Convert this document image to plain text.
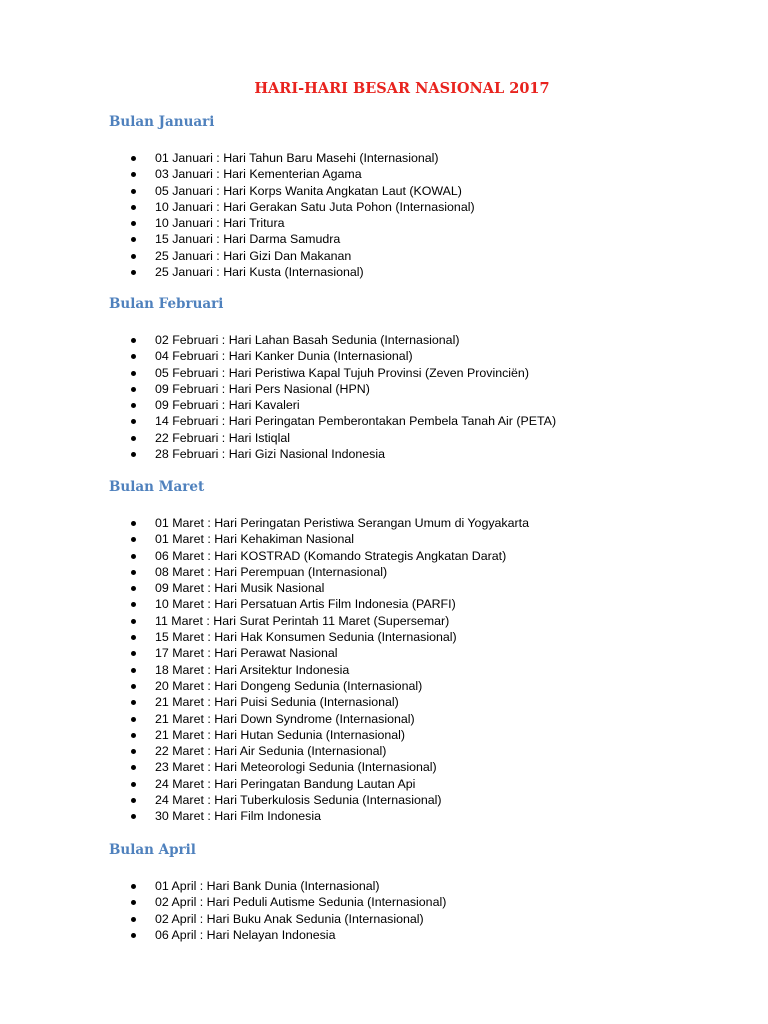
HARI-HARI BESAR NASIONAL 2017
Bulan Januari
01 Januari : Hari Tahun Baru Masehi (Internasional)
03 Januari : Hari Kementerian Agama
05 Januari : Hari Korps Wanita Angkatan Laut (KOWAL)
10 Januari : Hari Gerakan Satu Juta Pohon (Internasional)
10 Januari : Hari Tritura
15 Januari : Hari Darma Samudra
25 Januari : Hari Gizi Dan Makanan
25 Januari : Hari Kusta (Internasional)
Bulan Februari
02 Februari : Hari Lahan Basah Sedunia (Internasional)
04 Februari : Hari Kanker Dunia (Internasional)
05 Februari : Hari Peristiwa Kapal Tujuh Provinsi (Zeven Provinciën)
09 Februari : Hari Pers Nasional (HPN)
09 Februari : Hari Kavaleri
14 Februari : Hari Peringatan Pemberontakan Pembela Tanah Air (PETA)
22 Februari : Hari Istiqlal
28 Februari : Hari Gizi Nasional Indonesia
Bulan Maret
01 Maret : Hari Peringatan Peristiwa Serangan Umum di Yogyakarta
01 Maret : Hari Kehakiman Nasional
06 Maret : Hari KOSTRAD (Komando Strategis Angkatan Darat)
08 Maret : Hari Perempuan (Internasional)
09 Maret : Hari Musik Nasional
10 Maret : Hari Persatuan Artis Film Indonesia (PARFI)
11 Maret : Hari Surat Perintah 11 Maret (Supersemar)
15 Maret : Hari Hak Konsumen Sedunia (Internasional)
17 Maret : Hari Perawat Nasional
18 Maret : Hari Arsitektur Indonesia
20 Maret : Hari Dongeng Sedunia (Internasional)
21 Maret : Hari Puisi Sedunia (Internasional)
21 Maret : Hari Down Syndrome (Internasional)
21 Maret : Hari Hutan Sedunia (Internasional)
22 Maret : Hari Air Sedunia (Internasional)
23 Maret : Hari Meteorologi Sedunia (Internasional)
24 Maret : Hari Peringatan Bandung Lautan Api
24 Maret : Hari Tuberkulosis Sedunia (Internasional)
30 Maret : Hari Film Indonesia
Bulan April
01 April : Hari Bank Dunia (Internasional)
02 April : Hari Peduli Autisme Sedunia (Internasional)
02 April : Hari Buku Anak Sedunia (Internasional)
06 April : Hari Nelayan Indonesia
